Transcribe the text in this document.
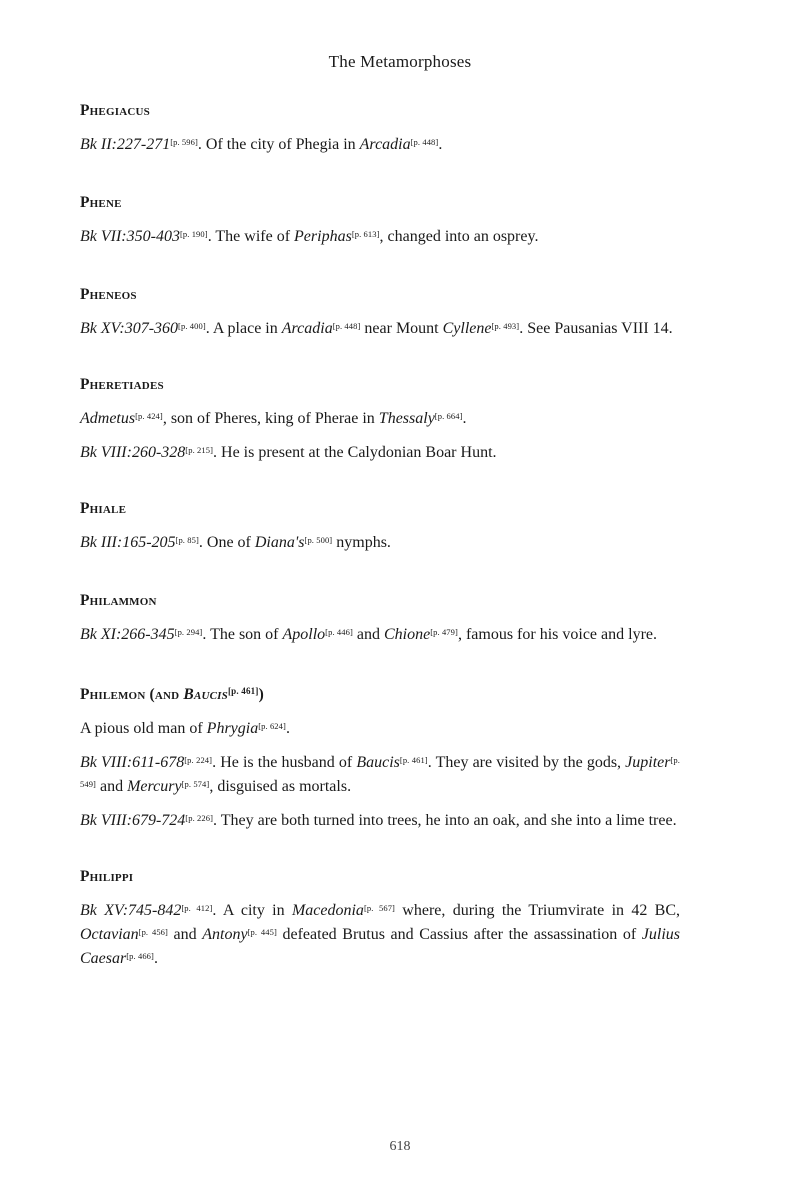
The Metamorphoses
Phegiacus

Bk II:227-271[p. 596]. Of the city of Phegia in Arcadia[p. 448].

Phene

Bk VII:350-403[p. 190]. The wife of Periphas[p. 613], changed into an osprey.

Pheneos

Bk XV:307-360[p. 400]. A place in Arcadia[p. 448] near Mount Cyllene[p. 493]. See Pausanias VIII 14.

Pheretiades

Admetus[p. 424], son of Pheres, king of Pherae in Thessaly[p. 664].

Bk VIII:260-328[p. 215]. He is present at the Calydonian Boar Hunt.

Phiale

Bk III:165-205[p. 85]. One of Diana's[p. 500] nymphs.

Philammon

Bk XI:266-345[p. 294]. The son of Apollo[p. 446] and Chione[p. 479], famous for his voice and lyre.

Philemon (and Baucis[p. 461])

A pious old man of Phrygia[p. 624].

Bk VIII:611-678[p. 224]. He is the husband of Baucis[p. 461]. They are visited by the gods, Jupiter[p. 549] and Mercury[p. 574], disguised as mortals.

Bk VIII:679-724[p. 226]. They are both turned into trees, he into an oak, and she into a lime tree.

Philippi

Bk XV:745-842[p. 412]. A city in Macedonia[p. 567] where, during the Triumvirate in 42 BC, Octavian[p. 456] and Antony[p. 445] defeated Brutus and Cassius after the assassination of Julius Caesar[p. 466].

618
